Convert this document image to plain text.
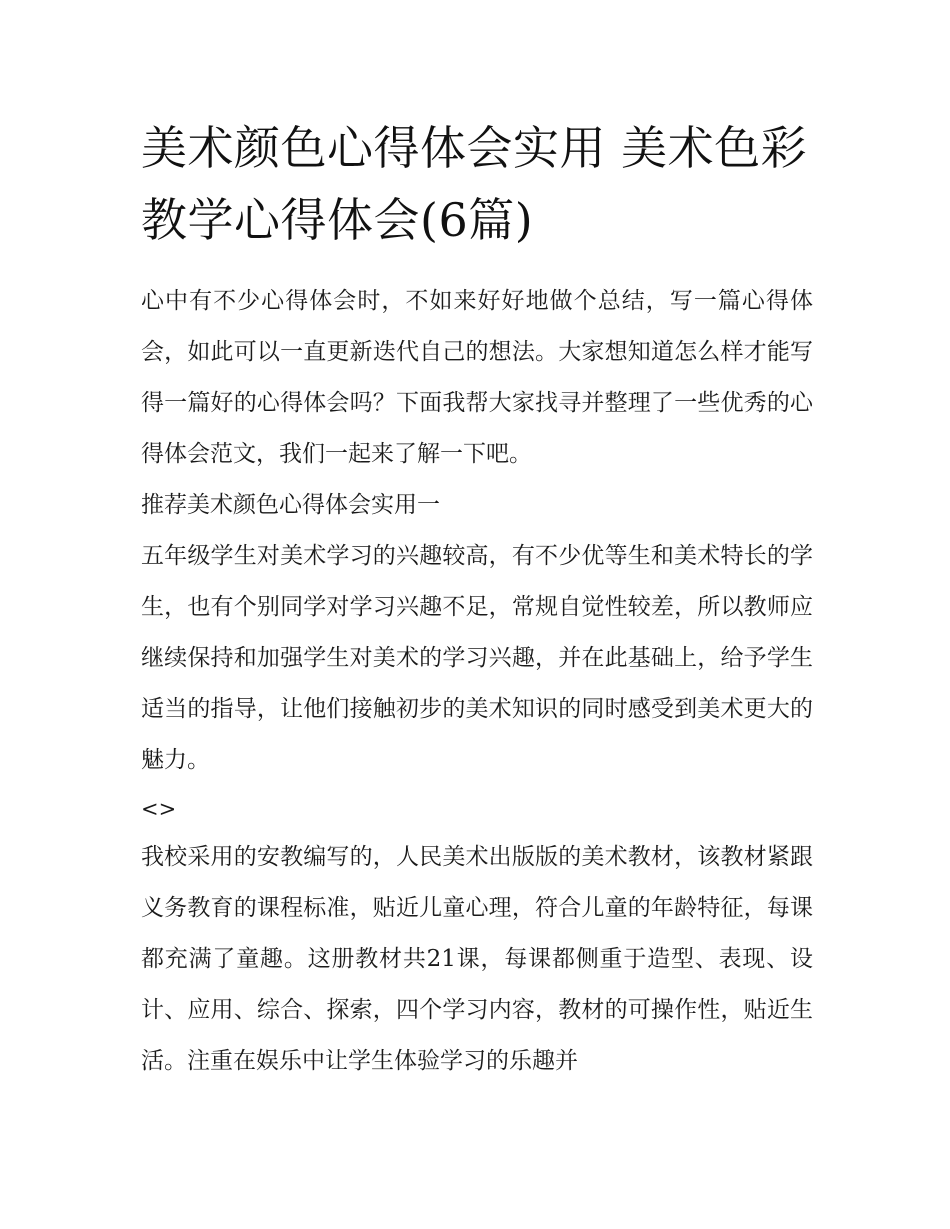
美术颜色心得体会实用 美术色彩教学心得体会(6篇)

心中有不少心得体会时，不如来好好地做个总结，写一篇心得体会，如此可以一直更新迭代自己的想法。大家想知道怎么样才能写得一篇好的心得体会吗？下面我帮大家找寻并整理了一些优秀的心得体会范文，我们一起来了解一下吧。

推荐美术颜色心得体会实用一

五年级学生对美术学习的兴趣较高，有不少优等生和美术特长的学生，也有个别同学对学习兴趣不足，常规自觉性较差，所以教师应继续保持和加强学生对美术的学习兴趣，并在此基础上，给予学生适当的指导，让他们接触初步的美术知识的同时感受到美术更大的魅力。

<>

我校采用的安教编写的，人民美术出版版的美术教材，该教材紧跟义务教育的课程标准，贴近儿童心理，符合儿童的年龄特征，每课都充满了童趣。这册教材共21课，每课都侧重于造型、表现、设计、应用、综合、探索，四个学习内容，教材的可操作性，贴近生活。注重在娱乐中让学生体验学习的乐趣并
